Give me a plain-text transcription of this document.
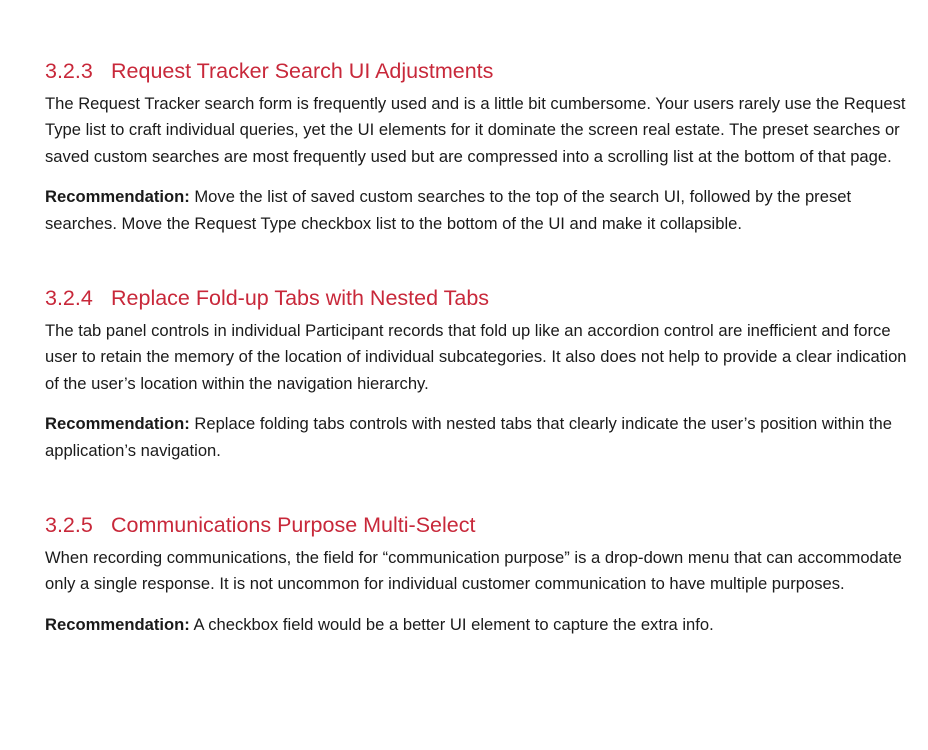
3.2.3 Request Tracker Search UI Adjustments

The Request Tracker search form is frequently used and is a little bit cumbersome. Your users rarely use the Request Type list to craft individual queries, yet the UI elements for it dominate the screen real estate. The preset searches or saved custom searches are most frequently used but are compressed into a scrolling list at the bottom of that page.

Recommendation: Move the list of saved custom searches to the top of the search UI, followed by the preset searches. Move the Request Type checkbox list to the bottom of the UI and make it collapsible.

3.2.4 Replace Fold-up Tabs with Nested Tabs

The tab panel controls in individual Participant records that fold up like an accordion control are inefficient and force user to retain the memory of the location of individual subcategories. It also does not help to provide a clear indication of the user’s location within the navigation hierarchy.

Recommendation: Replace folding tabs controls with nested tabs that clearly indicate the user’s position within the application’s navigation.

3.2.5 Communications Purpose Multi-Select

When recording communications, the field for “communication purpose” is a drop-down menu that can accommodate only a single response. It is not uncommon for individual customer communication to have multiple purposes.

Recommendation: A checkbox field would be a better UI element to capture the extra info.
